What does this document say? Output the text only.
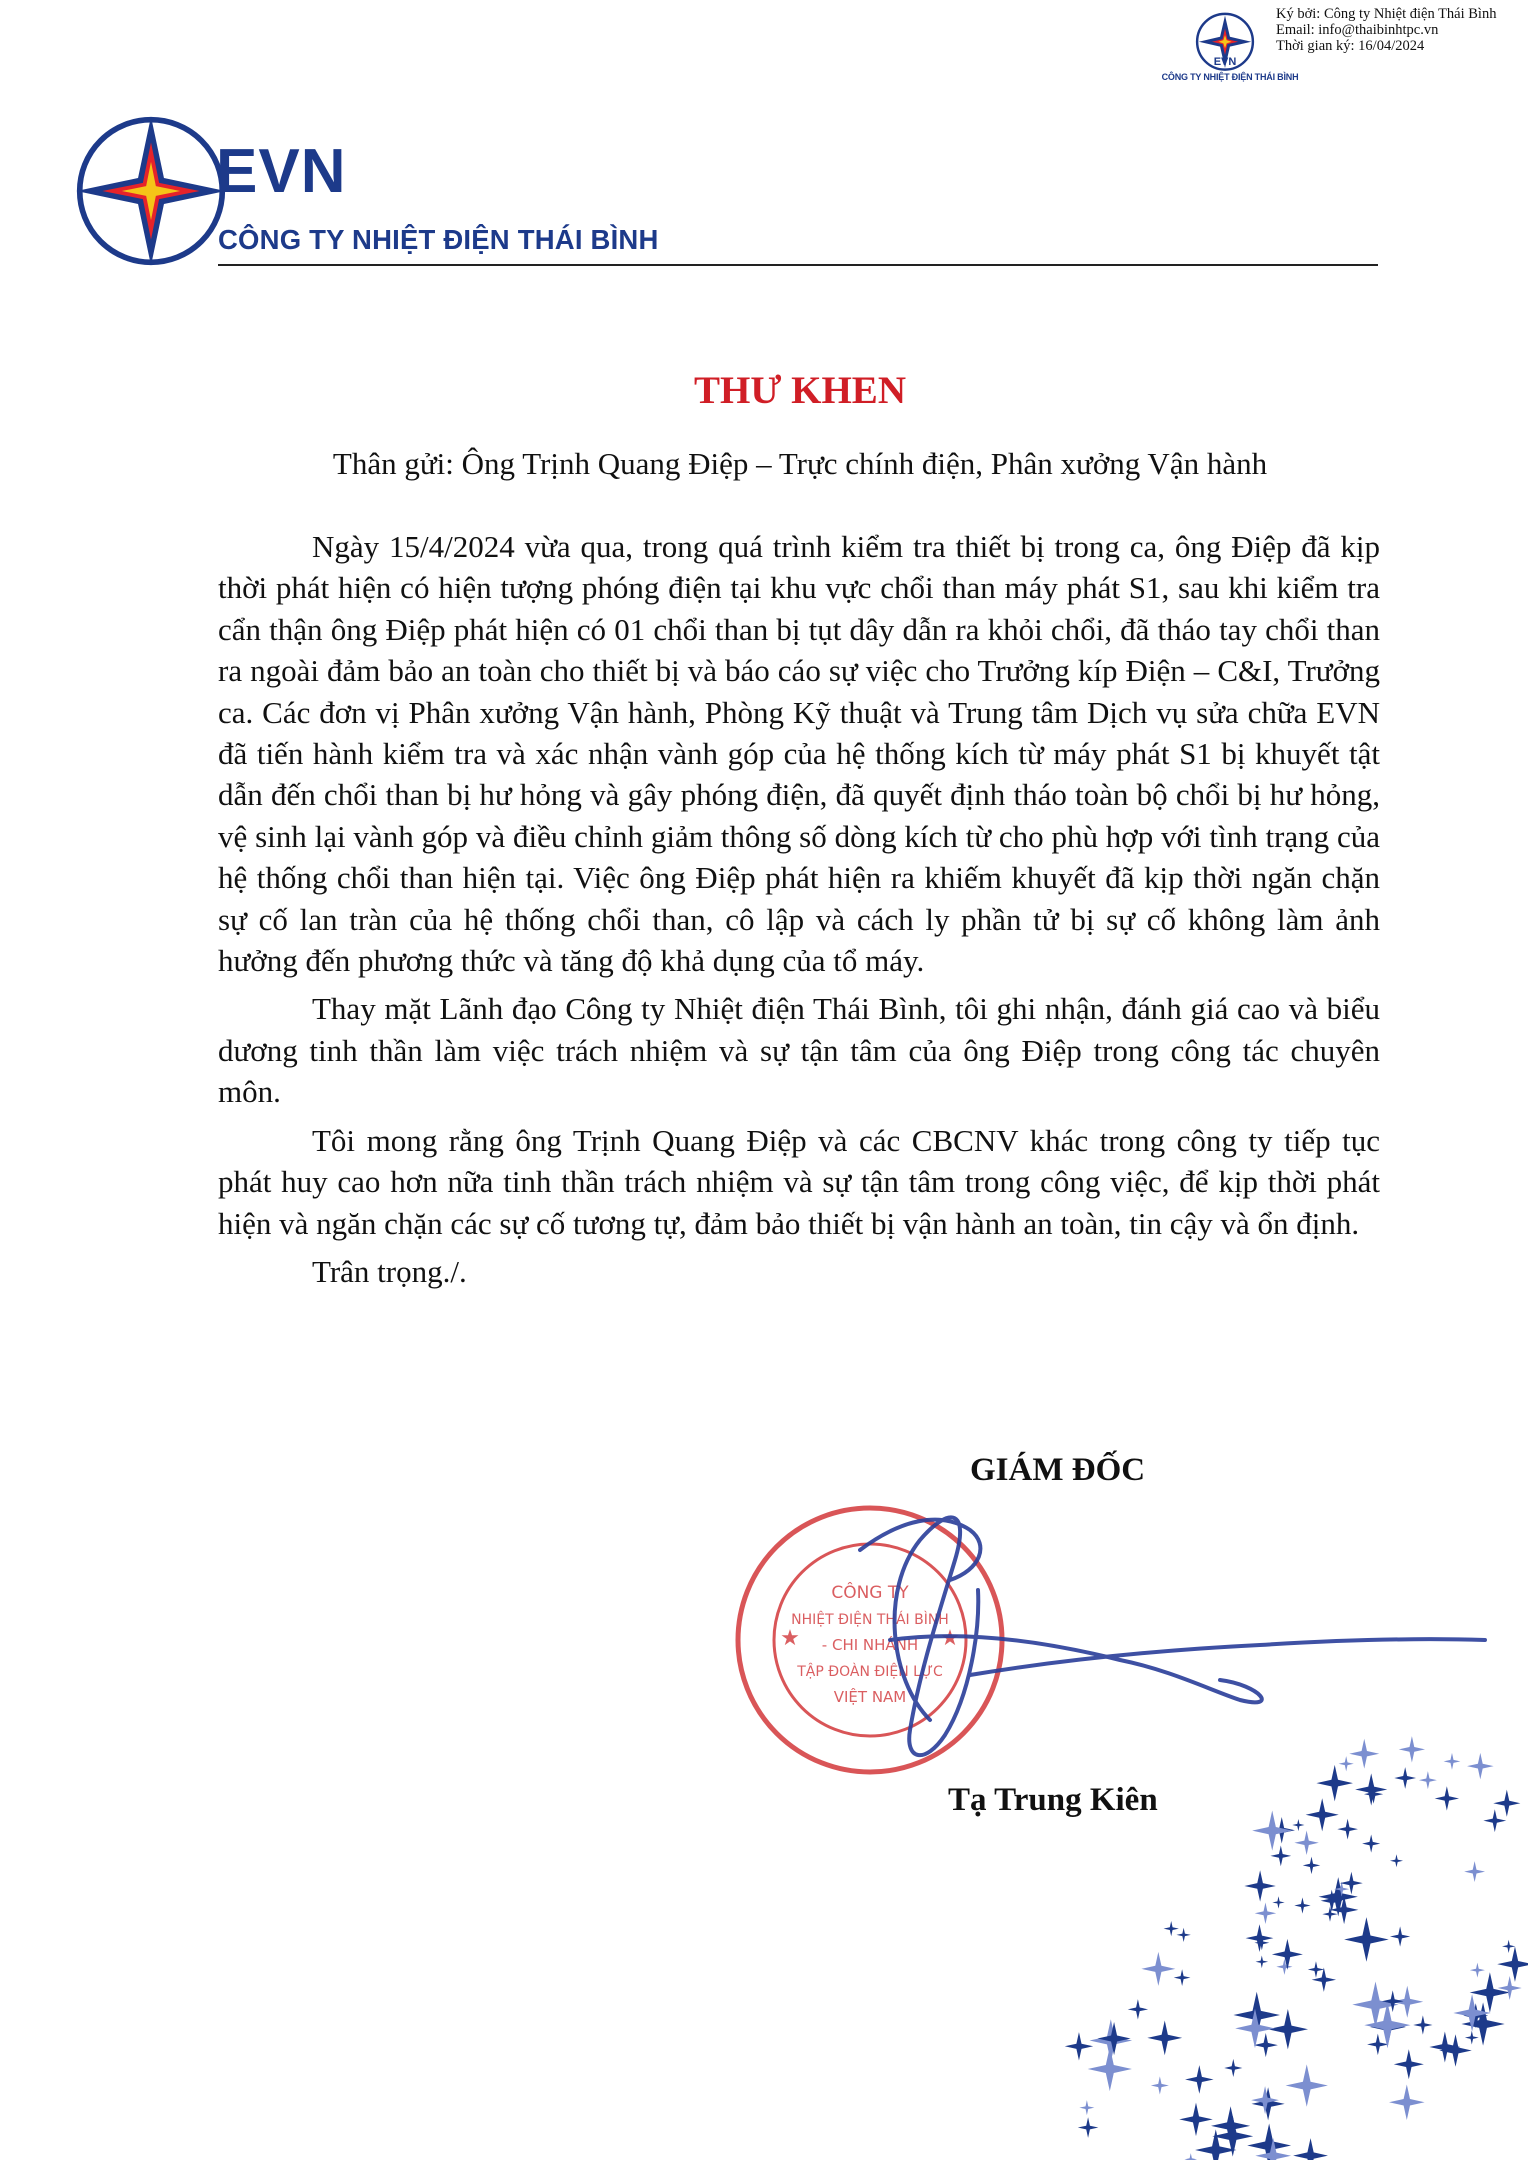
EVN
CÔNG TY NHIỆT ĐIỆN THÁI BÌNH
Ký bởi: Công ty Nhiệt điện Thái Bình
Email: info@thaibinhtpc.vn
Thời gian ký: 16/04/2024
EVN
CÔNG TY NHIỆT ĐIỆN THÁI BÌNH
THƯ KHEN
Thân gửi: Ông Trịnh Quang Điệp – Trực chính điện, Phân xưởng Vận hành

Ngày 15/4/2024 vừa qua, trong quá trình kiểm tra thiết bị trong ca, ông Điệp đã kịp thời phát hiện có hiện tượng phóng điện tại khu vực chổi than máy phát S1, sau khi kiểm tra cẩn thận ông Điệp phát hiện có 01 chổi than bị tụt dây dẫn ra khỏi chổi, đã tháo tay chổi than ra ngoài đảm bảo an toàn cho thiết bị và báo cáo sự việc cho Trưởng kíp Điện – C&I, Trưởng ca. Các đơn vị Phân xưởng Vận hành, Phòng Kỹ thuật và Trung tâm Dịch vụ sửa chữa EVN đã tiến hành kiểm tra và xác nhận vành góp của hệ thống kích từ máy phát S1 bị khuyết tật dẫn đến chổi than bị hư hỏng và gây phóng điện, đã quyết định tháo toàn bộ chổi bị hư hỏng, vệ sinh lại vành góp và điều chỉnh giảm thông số dòng kích từ cho phù hợp với tình trạng của hệ thống chổi than hiện tại. Việc ông Điệp phát hiện ra khiếm khuyết đã kịp thời ngăn chặn sự cố lan tràn của hệ thống chổi than, cô lập và cách ly phần tử bị sự cố không làm ảnh hưởng đến phương thức và tăng độ khả dụng của tổ máy.

Thay mặt Lãnh đạo Công ty Nhiệt điện Thái Bình, tôi ghi nhận, đánh giá cao và biểu dương tinh thần làm việc trách nhiệm và sự tận tâm của ông Điệp trong công tác chuyên môn.

Tôi mong rằng ông Trịnh Quang Điệp và các CBCNV khác trong công ty tiếp tục phát huy cao hơn nữa tinh thần trách nhiệm và sự tận tâm trong công việc, để kịp thời phát hiện và ngăn chặn các sự cố tương tự, đảm bảo thiết bị vận hành an toàn, tin cậy và ổn định.

Trân trọng./.

GIÁM ĐỐC
CÔNG TY
NHIỆT ĐIỆN THÁI BÌNH
- CHI NHÁNH
TẬP ĐOÀN ĐIỆN LỰC
VIỆT NAM
★	★
Tạ Trung Kiên
